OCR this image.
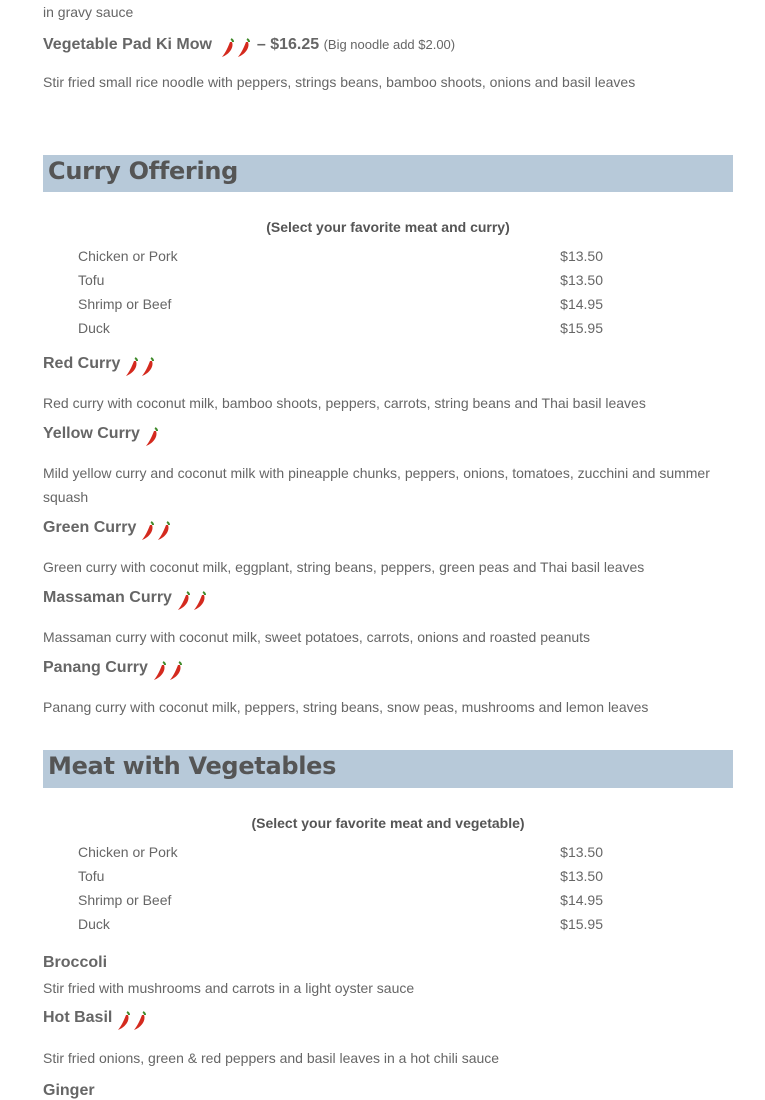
in gravy sauce
Vegetable Pad Ki Mow	– $16.25 (Big noodle add $2.00)
Stir fried small rice noodle with peppers, strings beans, bamboo shoots, onions and basil leaves
Curry Offering
(Select your favorite meat and curry)
Chicken or Pork	$13.50
Tofu	$13.50
Shrimp or Beef	$14.95
Duck	$15.95
Red Curry
Red curry with coconut milk, bamboo shoots, peppers, carrots, string beans and Thai basil leaves
Yellow Curry
Mild yellow curry and coconut milk with pineapple chunks, peppers, onions, tomatoes, zucchini and summer
squash
Green Curry
Green curry with coconut milk, eggplant, string beans, peppers, green peas and Thai basil leaves
Massaman Curry
Massaman curry with coconut milk, sweet potatoes, carrots, onions and roasted peanuts
Panang Curry
Panang curry with coconut milk, peppers, string beans, snow peas, mushrooms and lemon leaves
Meat with Vegetables
(Select your favorite meat and vegetable)
Chicken or Pork	$13.50
Tofu	$13.50
Shrimp or Beef	$14.95
Duck	$15.95
Broccoli
Stir fried with mushrooms and carrots in a light oyster sauce
Hot Basil
Stir fried onions, green & red peppers and basil leaves in a hot chili sauce
Ginger
